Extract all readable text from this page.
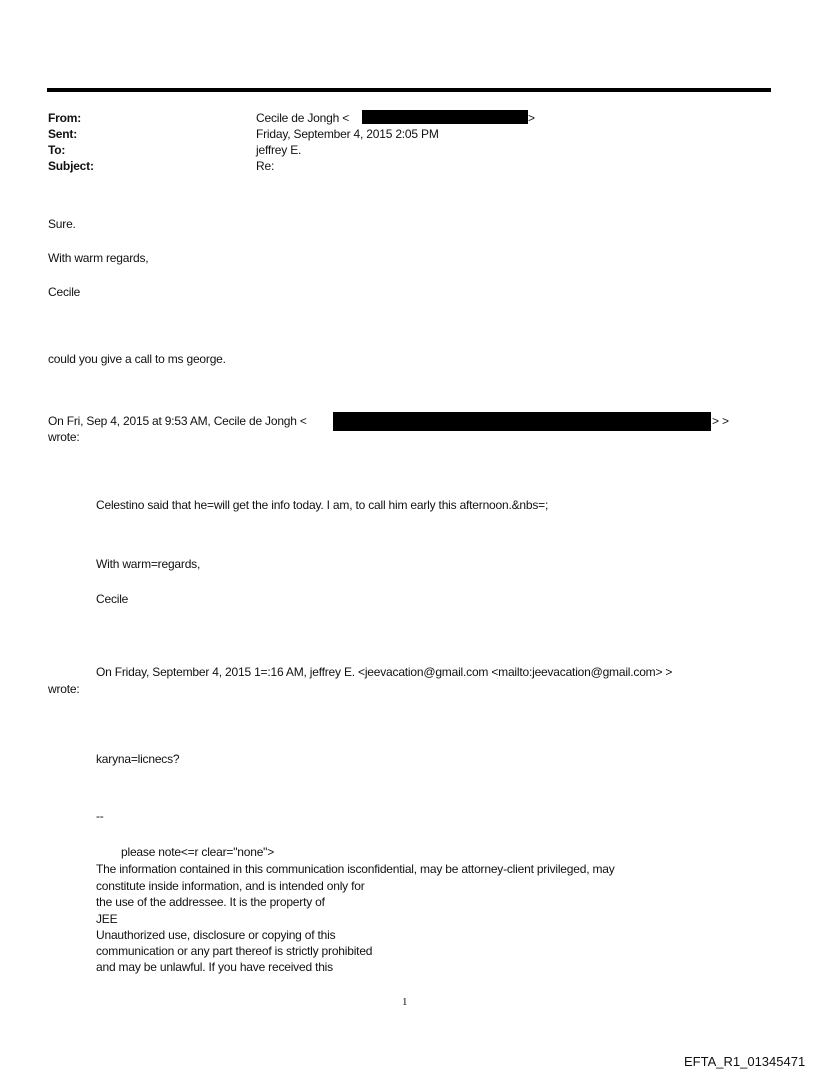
From:	Cecile de Jongh <	>
Sent:	Friday, September 4, 2015 2:05 PM
To:	jeffrey E.
Subject:	Re:
Sure.
With warm regards,
Cecile
could you give a call to ms george.
On Fri, Sep 4, 2015 at 9:53 AM, Cecile de Jongh <	> >
wrote:
Celestino said that he=will get the info today. I am, to call him early this afternoon.&nbs=;
With warm=regards,
Cecile
On Friday, September 4, 2015 1=:16 AM, jeffrey E. <jeevacation@gmail.com <mailto:jeevacation@gmail.com> >
wrote:
karyna=licnecs?
--
please note<=r clear="none">
The information contained in this communication isconfidential, may be attorney-client privileged, may
constitute inside information, and is intended only for
the use of the addressee. It is the property of
JEE
Unauthorized use, disclosure or copying of this
communication or any part thereof is strictly prohibited
and may be unlawful. If you have received this
1
EFTA_R1_01345471
